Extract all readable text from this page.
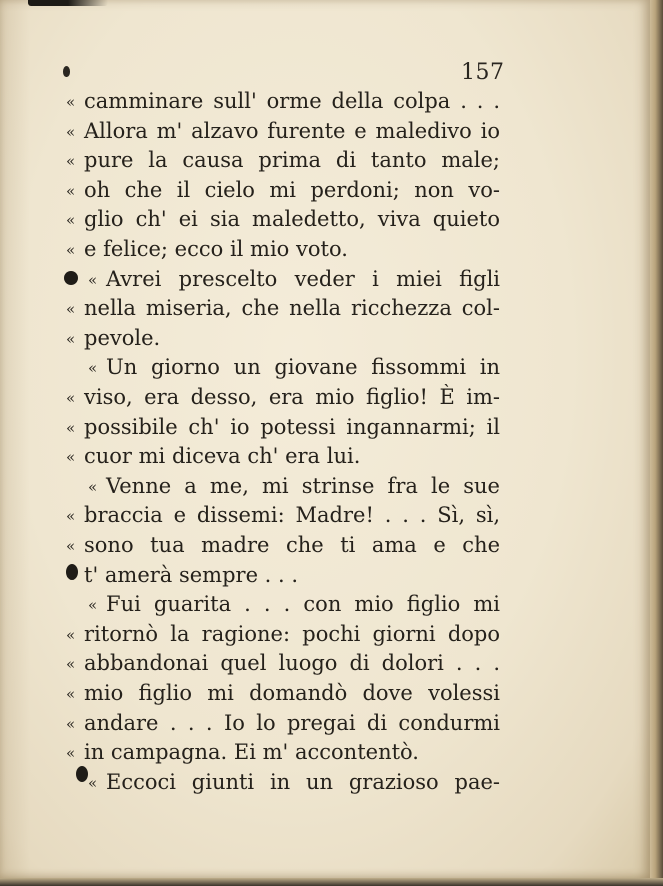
157
« camminare sull' orme della colpa . . .
« Allora m' alzavo furente e maledivo io
« pure la causa prima di tanto male;
« oh che il cielo mi perdoni; non vo-
« glio ch' ei sia maledetto, viva quieto
« e felice; ecco il mio voto.
« Avrei prescelto veder i miei figli
« nella miseria, che nella ricchezza col-
« pevole.
« Un giorno un giovane fissommi in
« viso, era desso, era mio figlio! È im-
« possibile ch' io potessi ingannarmi; il
« cuor mi diceva ch' era lui.
« Venne a me, mi strinse fra le sue
« braccia e dissemi: Madre! . . . Sì, sì,
« sono tua madre che ti ama e che
t' amerà sempre . . .
« Fui guarita . . . con mio figlio mi
« ritornò la ragione: pochi giorni dopo
« abbandonai quel luogo di dolori . . .
« mio figlio mi domandò dove volessi
« andare . . . Io lo pregai di condurmi
« in campagna. Ei m' accontentò.
« Eccoci giunti in un grazioso pae-
